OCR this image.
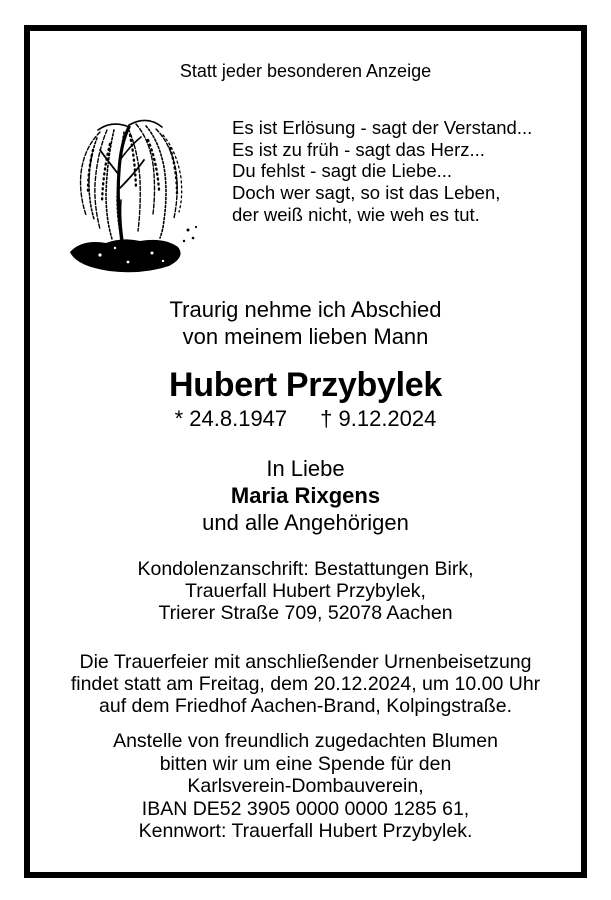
Statt jeder besonderen Anzeige
Es ist Erlösung - sagt der Verstand...
Es ist zu früh - sagt das Herz...
Du fehlst - sagt die Liebe...
Doch wer sagt, so ist das Leben,
der weiß nicht, wie weh es tut.
Traurig nehme ich Abschied
von meinem lieben Mann
Hubert Przybylek
* 24.8.1947 † 9.12.2024
In Liebe
Maria Rixgens
und alle Angehörigen
Kondolenzanschrift: Bestattungen Birk,
Trauerfall Hubert Przybylek,
Trierer Straße 709, 52078 Aachen
Die Trauerfeier mit anschließender Urnenbeisetzung
findet statt am Freitag, dem 20.12.2024, um 10.00 Uhr
auf dem Friedhof Aachen-Brand, Kolpingstraße.
Anstelle von freundlich zugedachten Blumen
bitten wir um eine Spende für den
Karlsverein-Dombauverein,
IBAN DE52 3905 0000 0000 1285 61,
Kennwort: Trauerfall Hubert Przybylek.
